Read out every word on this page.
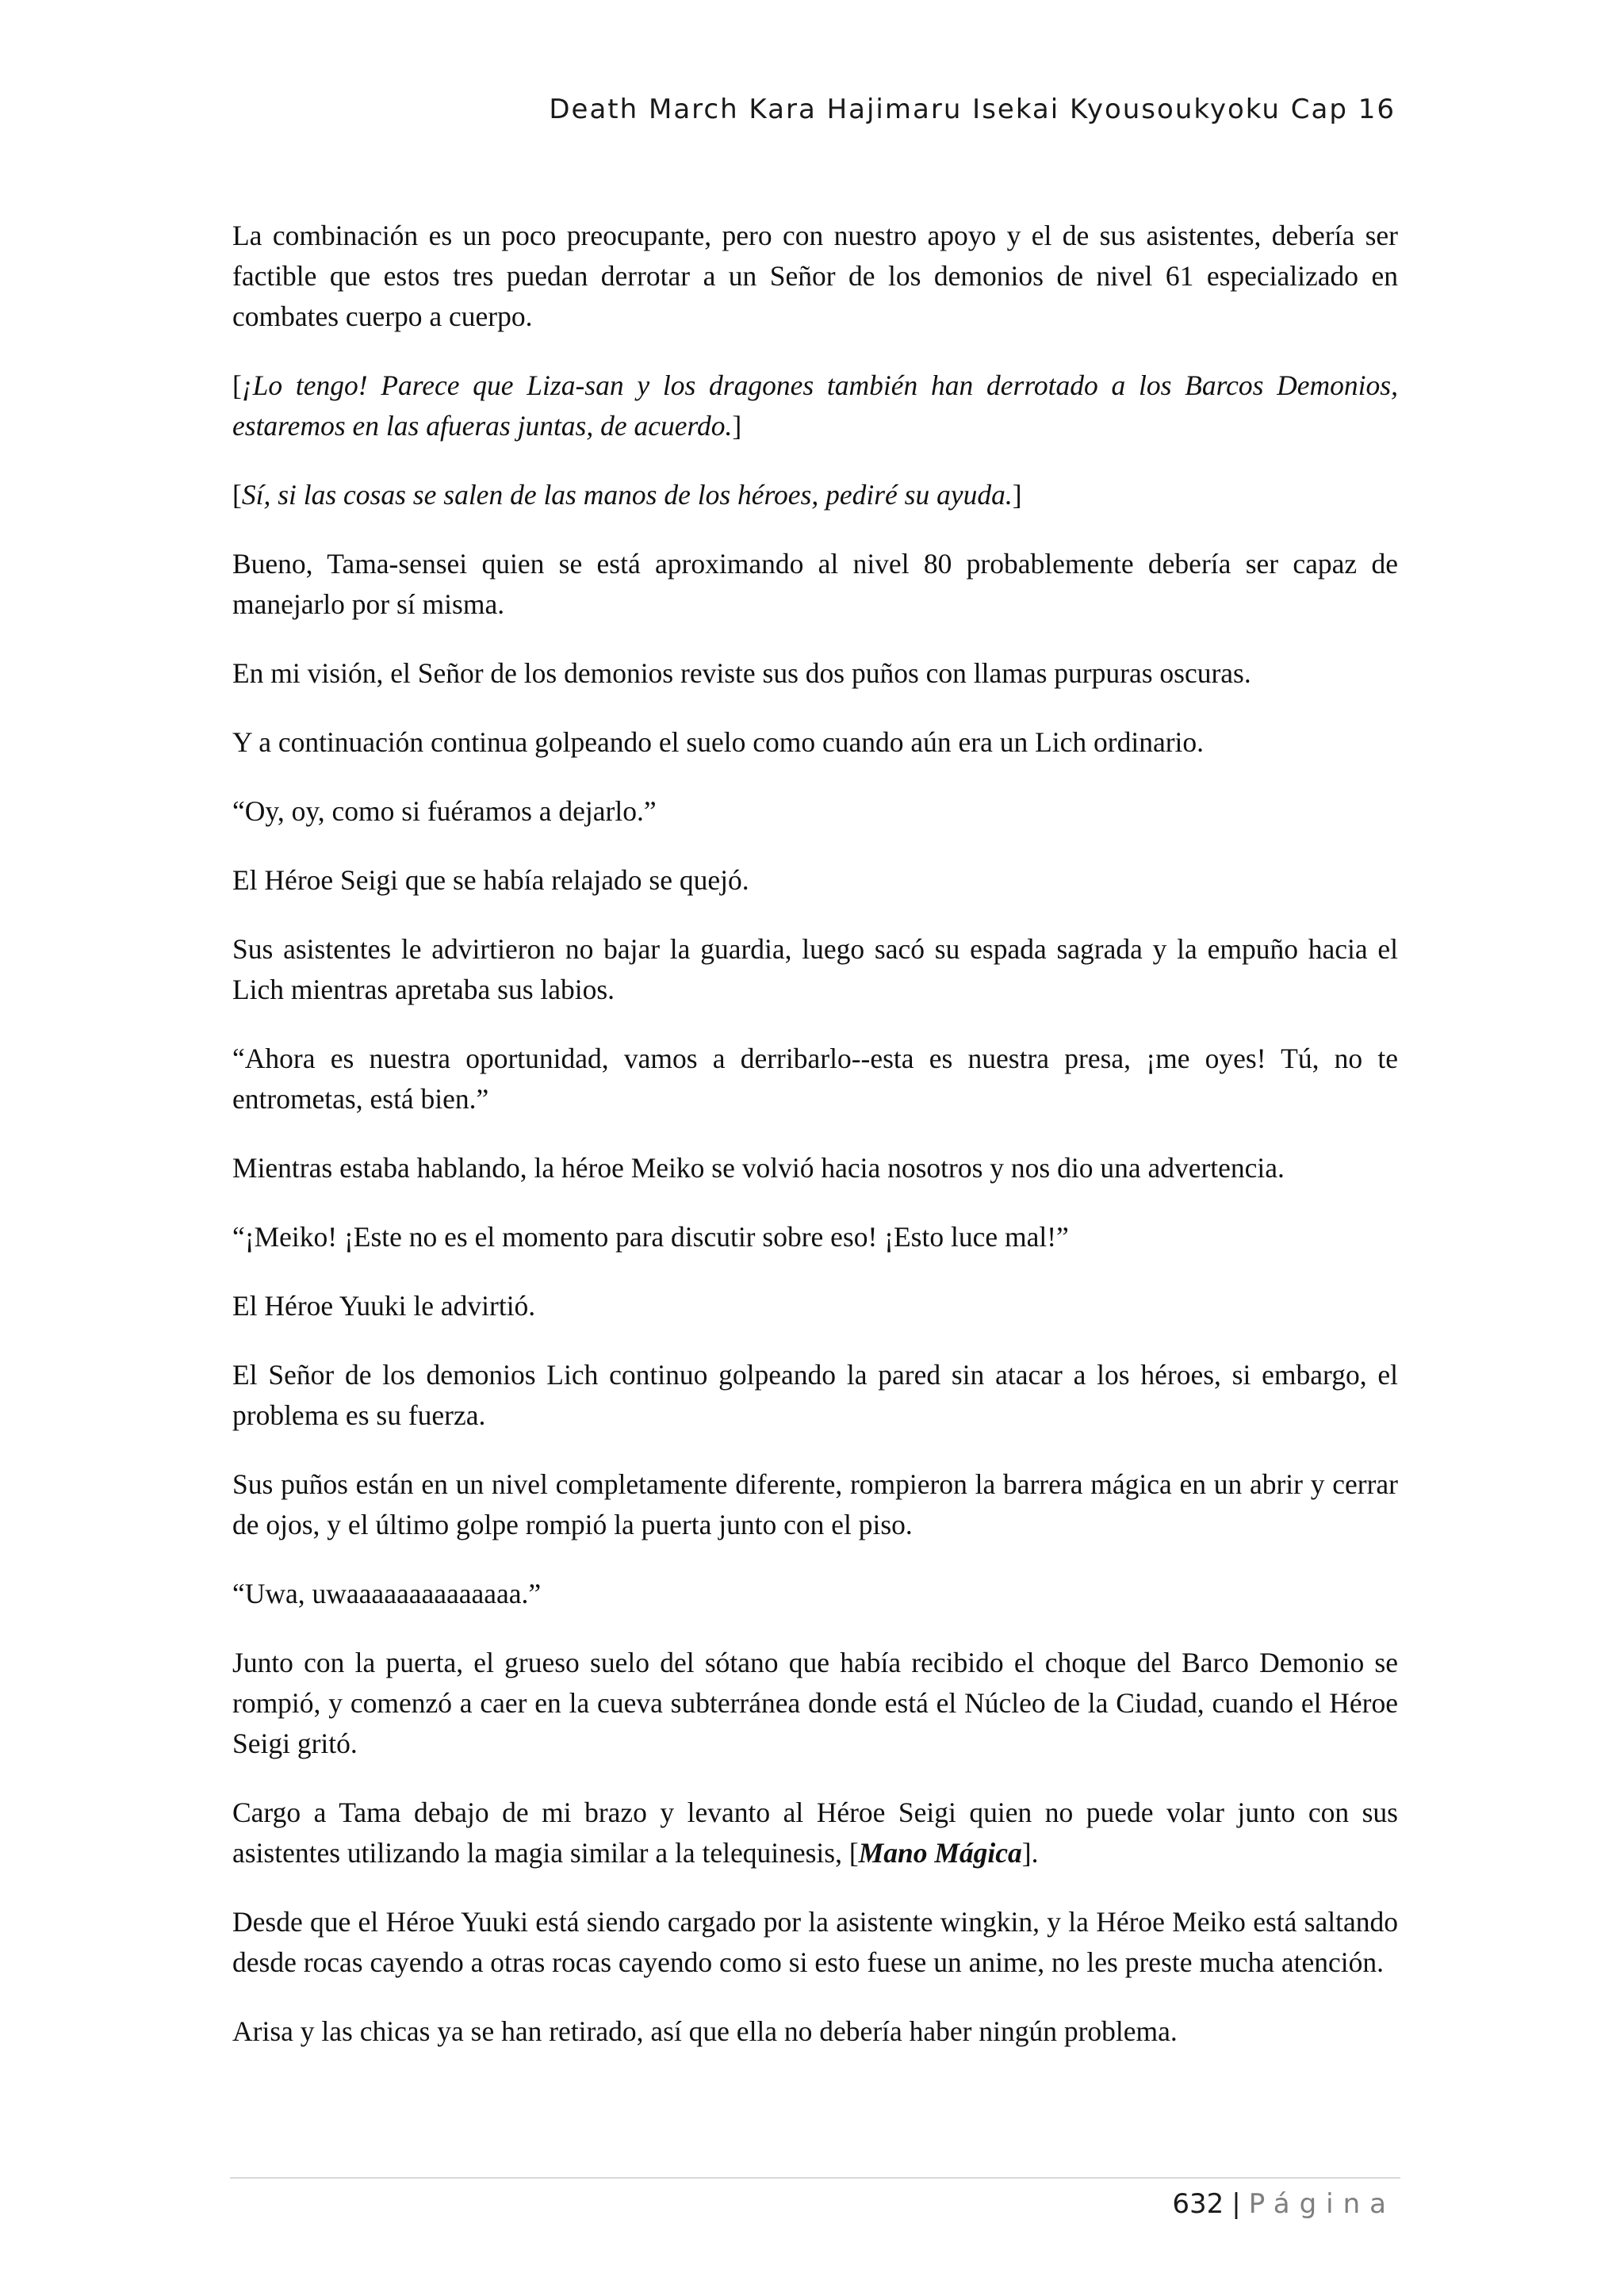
Death March Kara Hajimaru Isekai Kyousoukyoku Cap 16

La combinación es un poco preocupante, pero con nuestro apoyo y el de sus asistentes, debería ser factible que estos tres puedan derrotar a un Señor de los demonios de nivel 61 especializado en combates cuerpo a cuerpo.

[¡Lo tengo! Parece que Liza-san y los dragones también han derrotado a los Barcos Demonios, estaremos en las afueras juntas, de acuerdo.]

[Sí, si las cosas se salen de las manos de los héroes, pediré su ayuda.]

Bueno, Tama-sensei quien se está aproximando al nivel 80 probablemente debería ser capaz de manejarlo por sí misma.

En mi visión, el Señor de los demonios reviste sus dos puños con llamas purpuras oscuras.

Y a continuación continua golpeando el suelo como cuando aún era un Lich ordinario.

“Oy, oy, como si fuéramos a dejarlo.”

El Héroe Seigi que se había relajado se quejó.

Sus asistentes le advirtieron no bajar la guardia, luego sacó su espada sagrada y la empuño hacia el Lich mientras apretaba sus labios.

“Ahora es nuestra oportunidad, vamos a derribarlo--esta es nuestra presa, ¡me oyes! Tú, no te entrometas, está bien.”

Mientras estaba hablando, la héroe Meiko se volvió hacia nosotros y nos dio una advertencia.

“¡Meiko! ¡Este no es el momento para discutir sobre eso! ¡Esto luce mal!”

El Héroe Yuuki le advirtió.

El Señor de los demonios Lich continuo golpeando la pared sin atacar a los héroes, si embargo, el problema es su fuerza.

Sus puños están en un nivel completamente diferente, rompieron la barrera mágica en un abrir y cerrar de ojos, y el último golpe rompió la puerta junto con el piso.

“Uwa, uwaaaaaaaaaaaaaa.”

Junto con la puerta, el grueso suelo del sótano que había recibido el choque del Barco Demonio se rompió, y comenzó a caer en la cueva subterránea donde está el Núcleo de la Ciudad, cuando el Héroe Seigi gritó.

Cargo a Tama debajo de mi brazo y levanto al Héroe Seigi quien no puede volar junto con sus asistentes utilizando la magia similar a la telequinesis, [Mano Mágica].

Desde que el Héroe Yuuki está siendo cargado por la asistente wingkin, y la Héroe Meiko está saltando desde rocas cayendo a otras rocas cayendo como si esto fuese un anime, no les preste mucha atención.

Arisa y las chicas ya se han retirado, así que ella no debería haber ningún problema.

632 | Página
